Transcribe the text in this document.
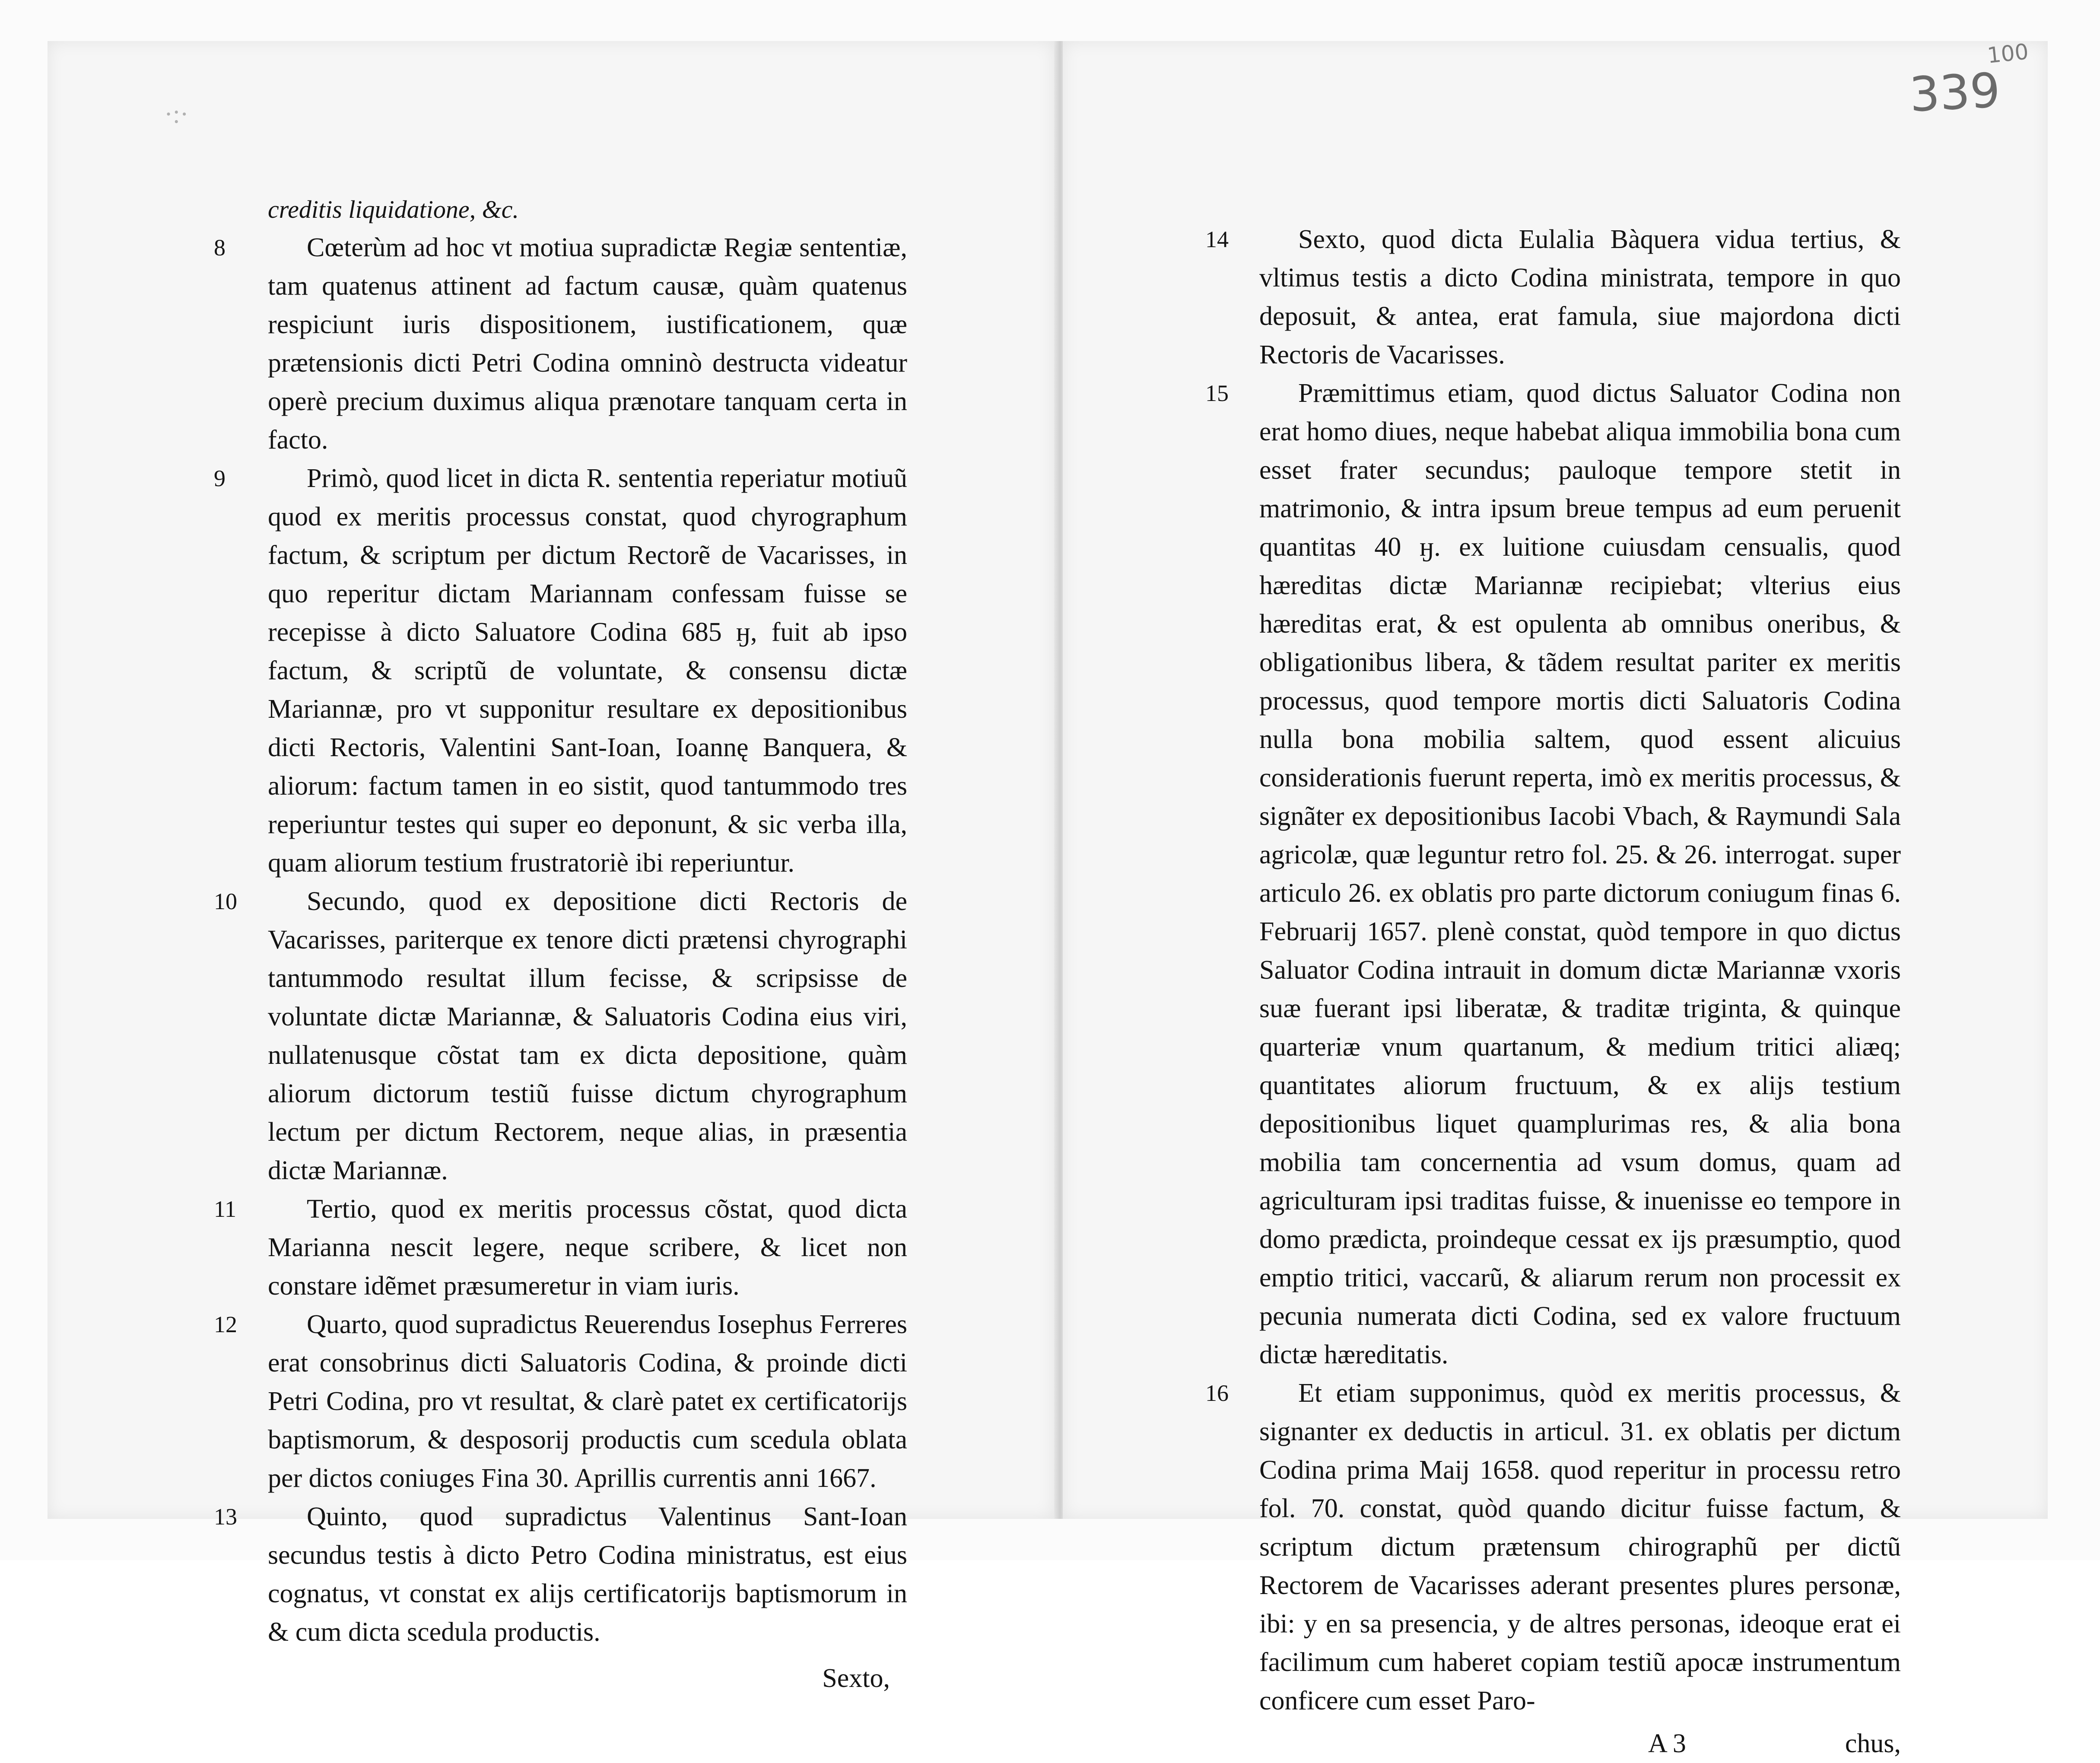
·:·	339
100

creditis liquidatione, &c.

8	Cœterùm ad hoc vt motiua supradictæ Regiæ sententiæ, tam quatenus attinent ad factum causæ, quàm quatenus respiciunt iuris dispositionem, iustificationem, quæ prætensionis dicti Petri Codina omninò destructa videatur operè precium duximus aliqua prænotare tanquam certa in facto.

9	Primò, quod licet in dicta R. sententia reperiatur motiuũ quod ex meritis processus constat, quod chyrographum factum, & scriptum per dictum Rectorẽ de Vacarisses, in quo reperitur dictam Mariannam confessam fuisse se recepisse à dicto Saluatore Codina 685 ӈ, fuit ab ipso factum, & scriptũ de voluntate, & consensu dictæ Mariannæ, pro vt supponitur resultare ex depositionibus dicti Rectoris, Valentini Sant-Ioan, Ioannę Banquera, & aliorum: factum tamen in eo sistit, quod tantummodo tres reperiuntur testes qui super eo deponunt, & sic verba illa, quam aliorum testium frustratoriè ibi reperiuntur.

10	Secundo, quod ex depositione dicti Rectoris de Vacarisses, pariterque ex tenore dicti prætensi chyrographi tantummodo resultat illum fecisse, & scripsisse de voluntate dictæ Mariannæ, & Saluatoris Codina eius viri, nullatenusque cõstat tam ex dicta depositione, quàm aliorum dictorum testiũ fuisse dictum chyrographum lectum per dictum Rectorem, neque alias, in præsentia dictæ Mariannæ.

11	Tertio, quod ex meritis processus cõstat, quod dicta Marianna nescit legere, neque scribere, & licet non constare idẽmet præsumeretur in viam iuris.

12	Quarto, quod supradictus Reuerendus Iosephus Ferreres erat consobrinus dicti Saluatoris Codina, & proinde dicti Petri Codina, pro vt resultat, & clarè patet ex certificatorijs baptismorum, & desposorij productis cum scedula oblata per dictos coniuges Fina 30. Aprillis currentis anni 1667.

13	Quinto, quod supradictus Valentinus Sant-Ioan secundus testis à dicto Petro Codina ministratus, est eius cognatus, vt constat ex alijs certificatorijs baptismorum in & cum dicta scedula productis.

Sexto,

14	Sexto, quod dicta Eulalia Bàquera vidua tertius, & vltimus testis a dicto Codina ministrata, tempore in quo deposuit, & antea, erat famula, siue majordona dicti Rectoris de Vacarisses.

15	Præmittimus etiam, quod dictus Saluator Codina non erat homo diues, neque habebat aliqua immobilia bona cum esset frater secundus; pauloque tempore stetit in matrimonio, & intra ipsum breue tempus ad eum peruenit quantitas 40 ӈ. ex luitione cuiusdam censualis, quod hæreditas dictæ Mariannæ recipiebat; vlterius eius hæreditas erat, & est opulenta ab omnibus oneribus, & obligationibus libera, & tãdem resultat pariter ex meritis processus, quod tempore mortis dicti Saluatoris Codina nulla bona mobilia saltem, quod essent alicuius considerationis fuerunt reperta, imò ex meritis processus, & signãter ex depositionibus Iacobi Vbach, & Raymundi Sala agricolæ, quæ leguntur retro fol. 25. & 26. interrogat. super articulo 26. ex oblatis pro parte dictorum coniugum finas 6. Februarij 1657. plenè constat, quòd tempore in quo dictus Saluator Codina intrauit in domum dictæ Mariannæ vxoris suæ fuerant ipsi liberatæ, & traditæ triginta, & quinque quarteriæ vnum quartanum, & medium tritici aliæq; quantitates aliorum fructuum, & ex alijs testium depositionibus liquet quamplurimas res, & alia bona mobilia tam concernentia ad vsum domus, quam ad agriculturam ipsi traditas fuisse, & inuenisse eo tempore in domo prædicta, proindeque cessat ex ijs præsumptio, quod emptio tritici, vaccarũ, & aliarum rerum non processit ex pecunia numerata dicti Codina, sed ex valore fructuum dictæ hæreditatis.

16	Et etiam supponimus, quòd ex meritis processus, & signanter ex deductis in articul. 31. ex oblatis per dictum Codina prima Maij 1658. quod reperitur in processu retro fol. 70. constat, quòd quando dicitur fuisse factum, & scriptum dictum prætensum chirographũ per dictũ Rectorem de Vacarisses aderant presentes plures personæ, ibi: y en sa presencia, y de altres personas, ideoque erat ei facilimum cum haberet copiam testiũ apocæ instrumentum conficere cum esset Paro-

A 3	chus,
